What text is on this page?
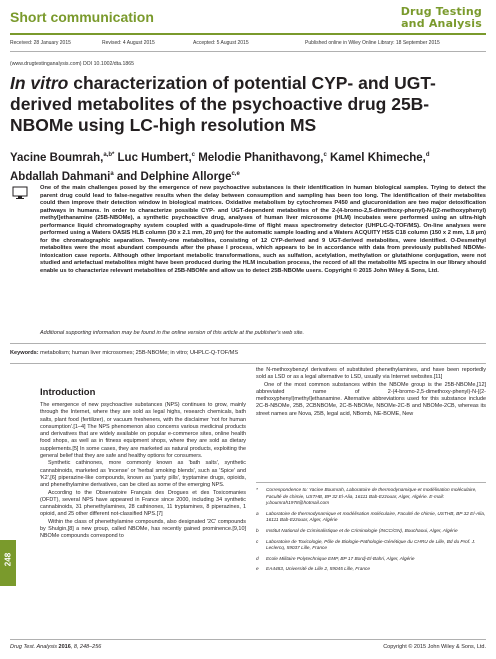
Short communication	Drug Testing
and Analysis
Received: 28 January 2015	Revised: 4 August 2015	Accepted: 5 August 2015	Published online in Wiley Online Library: 18 September 2015
(www.drugtestinganalysis.com) DOI 10.1002/dta.1865
In vitro characterization of potential CYP- and UGT-derived metabolites of the psychoactive drug 25B-NBOMe using LC-high resolution MS
Yacine Boumrah,$^{a,b*}$ Luc Humbert,$^c$ Melodie Phanithavong,$^c$ Kamel Khimeche,$^d$ Abdallah Dahmani$^a$ and Delphine Allorge$^{c,e}$

One of the main challenges posed by the emergence of new psychoactive substances is their identification in human biological samples. Trying to detect the parent drug could lead to false-negative results when the delay between consumption and sampling has been too long. The identification of their metabolites could then improve their detection window in biological matrices. Oxidative metabolism by cytochromes P450 and glucuronidation are two major detoxification pathways in humans. In order to characterize possible CYP- and UGT-dependent metabolites of the 2-(4-bromo-2,5-dimethoxy-phenyl)-N-[(2-methoxyphenyl) methyl]ethanamine (25B-NBOMe), a synthetic psychoactive drug, analyses of human liver microsome (HLM) incubates were performed using an ultra-high performance liquid chromatography system coupled with a quadrupole-time of flight mass spectrometry detector (UHPLC-Q-TOF/MS). On-line analyses were performed using a Waters OASIS HLB column (30 x 2.1 mm, 20 µm) for the automatic sample loading and a Waters ACQUITY HSS C18 column (150 x 2 mm, 1.8 µm) for the chromatographic separation. Twenty-one metabolites, consisting of 12 CYP-derived and 9 UGT-derived metabolites, were identified. O-Desmethyl metabolites were the most abundant compounds after the phase I process, which appears to be in accordance with data from previously published NBOMe-intoxication case reports. Although other important metabolic transformations, such as sulfation, acetylation, methylation or glutathione conjugation, were not studied and artefactual metabolites might have been produced during the HLM incubation process, the record of all the metabolite MS spectra in our library should enable us to characterize relevant metabolites of 25B-NBOMe and allow us to detect 25B-NBOMe users. Copyright © 2015 John Wiley & Sons, Ltd.

Additional supporting information may be found in the online version of this article at the publisher's web site.

Keywords: metabolism; human liver microsomes; 25B-NBOMe; in vitro; UHPLC-Q-TOF/MS
Introduction

The emergence of new psychoactive substances (NPS) continues to grow, mainly through the Internet, where they are sold as legal highs, research chemicals, bath salts, plant food (fertilizer), or vacuum fresheners, with the disclaimer 'not for human consumption'.[1–4] The NPS phenomenon also concerns various medicinal products and derivatives that are widely available on popular e-commerce sites, online health food shops, as well as in fitness equipment shops, where they are sold as dietary supplements.[5] In some cases, they are marketed as natural products, exploiting the general belief that they are safe and healthy options for consumers.

Synthetic cathinones, more commonly known as 'bath salts', synthetic cannabinoids, marketed as 'incense' or 'herbal smoking blends', such as 'Spice' and 'K2',[6] piperazine-like compounds, known as 'party pills', tryptamine drugs, opioids, and phenethylamine derivatives, can be cited as some of the emerging NPS.

According to the Observatoire Français des Drogues et des Toxicomanies (OFDT), several NPS have appeared in France since 2000, including 34 synthetic cannabinoids, 31 phenethylamines, 28 cathinones, 11 tryptamines, 8 piperazines, 1 opioid, and 25 other different not-classified NPS.[7]

Within the class of phenethylamine compounds, also designated '2C' compounds by Shulgin,[8] a new group, called NBOMe, has recently gained prominence.[9,10] NBOMe compounds correspond to

the N-methoxybenzyl derivatives of substituted phenethylamines, and have been reportedly sold as LSD or as a legal alternative to LSD, usually via Internet websites.[11]

One of the most common substances within the NBOMe group is the 25B-NBOMe,[12] abbreviated name of 2-(4-bromo-2,5-dimethoxy-phenyl)-N-[(2-methoxyphenyl)methyl]ethanamine. Alternative abbreviations used for this substance include 2C-B-NBOMe, 25B, 2CBNBOMe, 2C-B-NBOMe, NBOMe-2C-B and NBOMe-2CB, whereas its street names are Nova, 25B, legal acid, NBomb, NE-BOME, New

* Correspondence to: Yacine Boumrah, Laboratoire de thermodynamique et modélisation moléculaire, Faculté de chimie, USTHB, BP 32 El-Alia, 16111 Bab-Ezzouar, Alger, Algérie. E-mail: y.boumrah1978@hotmail.com
a Laboratoire de thermodynamique et modélisation moléculaire, Faculté de chimie, USTHB, BP 32 El-Alia, 16111 Bab-Ezzouar, Alger, Algérie
b Institut National de Criminalistique et de Criminologie (INCC/GN), Bouchaoui, Alger, Algérie
c Laboratoire de Toxicologie, Pôle de Biologie-Pathologie-Génétique du CHRU de Lille, Bd du Prof. J. Leclercq, 59037 Lille, France
d Ecole Militaire Polytechnique EMP, BP 17 Bordj-El-Bahri, Alger, Algérie
e EA4483, Université de Lille 2, 59045 Lille, France
248
Drug Test. Analysis 2016, 8, 248–256	Copyright © 2015 John Wiley & Sons, Ltd.
